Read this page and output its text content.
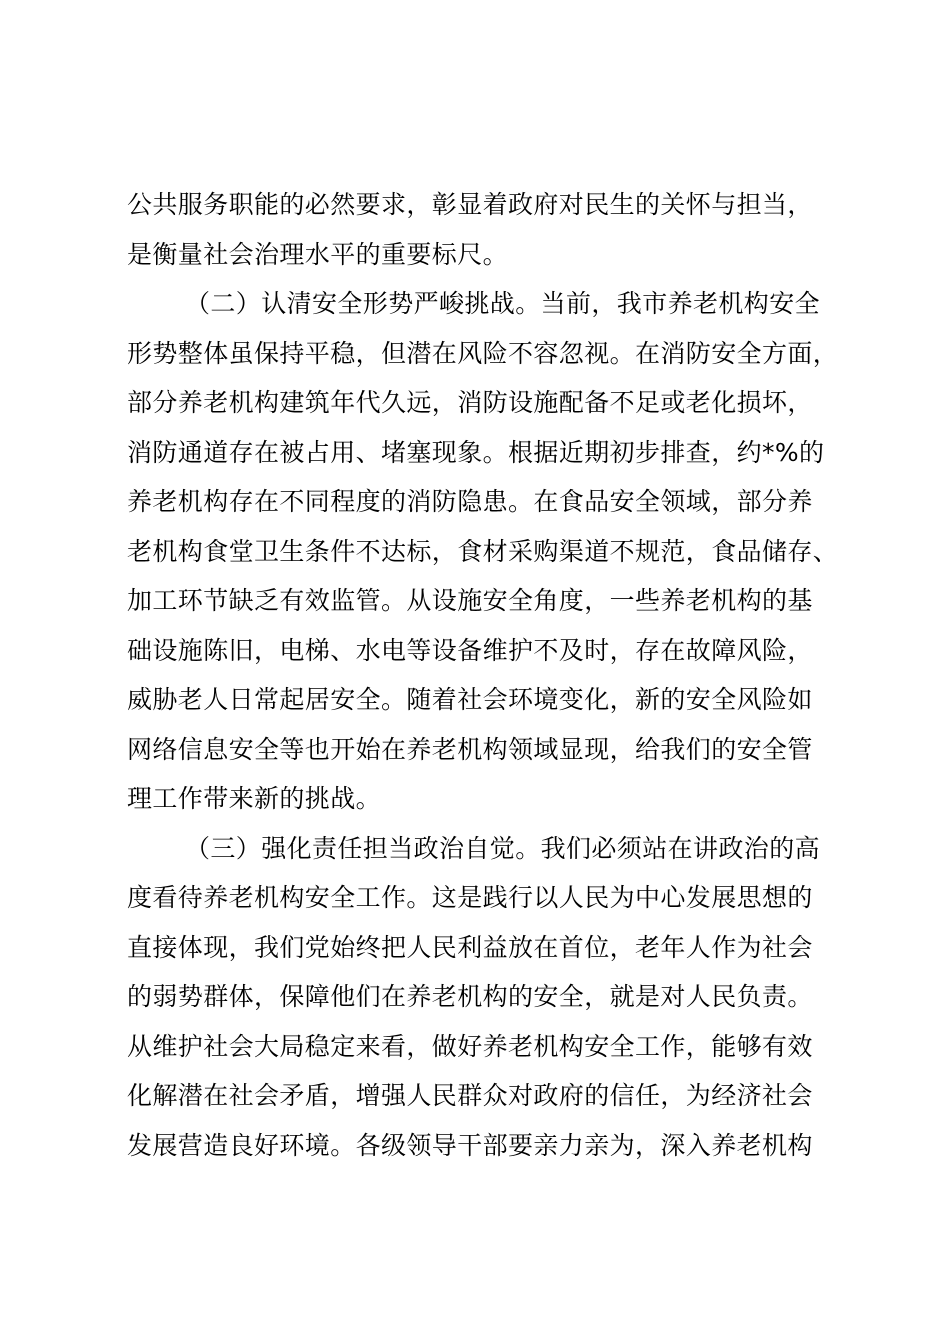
公共服务职能的必然要求，彰显着政府对民生的关怀与担当，
是衡量社会治理水平的重要标尺。

（二）认清安全形势严峻挑战。当前，我市养老机构安全
形势整体虽保持平稳，但潜在风险不容忽视。在消防安全方面，
部分养老机构建筑年代久远，消防设施配备不足或老化损坏，
消防通道存在被占用、堵塞现象。根据近期初步排查，约*%的
养老机构存在不同程度的消防隐患。在食品安全领域，部分养
老机构食堂卫生条件不达标，食材采购渠道不规范，食品储存、
加工环节缺乏有效监管。从设施安全角度，一些养老机构的基
础设施陈旧，电梯、水电等设备维护不及时，存在故障风险，
威胁老人日常起居安全。随着社会环境变化，新的安全风险如
网络信息安全等也开始在养老机构领域显现，给我们的安全管
理工作带来新的挑战。

（三）强化责任担当政治自觉。我们必须站在讲政治的高
度看待养老机构安全工作。这是践行以人民为中心发展思想的
直接体现，我们党始终把人民利益放在首位，老年人作为社会
的弱势群体，保障他们在养老机构的安全，就是对人民负责。
从维护社会大局稳定来看，做好养老机构安全工作，能够有效
化解潜在社会矛盾，增强人民群众对政府的信任，为经济社会
发展营造良好环境。各级领导干部要亲力亲为，深入养老机构
